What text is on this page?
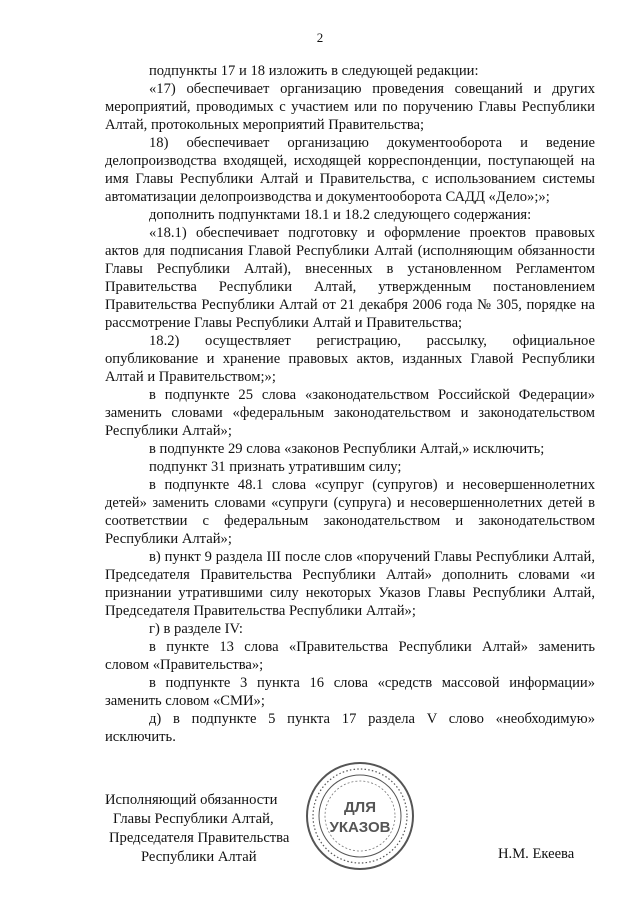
2

подпункты 17 и 18 изложить в следующей редакции:

«17) обеспечивает организацию проведения совещаний и других мероприятий, проводимых с участием или по поручению Главы Республики Алтай, протокольных мероприятий Правительства;

18) обеспечивает организацию документооборота и ведение делопроизводства входящей, исходящей корреспонденции, поступающей на имя Главы Республики Алтай и Правительства, с использованием системы автоматизации делопроизводства и документооборота САДД «Дело»;»;

дополнить подпунктами 18.1 и 18.2 следующего содержания:

«18.1) обеспечивает подготовку и оформление проектов правовых актов для подписания Главой Республики Алтай (исполняющим обязанности Главы Республики Алтай), внесенных в установленном Регламентом Правительства Республики Алтай, утвержденным постановлением Правительства Республики Алтай от 21 декабря 2006 года № 305, порядке на рассмотрение Главы Республики Алтай и Правительства;

18.2) осуществляет регистрацию, рассылку, официальное опубликование и хранение правовых актов, изданных Главой Республики Алтай и Правительством;»;

в подпункте 25 слова «законодательством Российской Федерации» заменить словами «федеральным законодательством и законодательством Республики Алтай»;

в подпункте 29 слова «законов Республики Алтай,» исключить;

подпункт 31 признать утратившим силу;

в подпункте 48.1 слова «супруг (супругов) и несовершеннолетних детей» заменить словами «супруги (супруга) и несовершеннолетних детей в соответствии с федеральным законодательством и законодательством Республики Алтай»;

в) пункт 9 раздела III после слов «поручений Главы Республики Алтай, Председателя Правительства Республики Алтай» дополнить словами «и признании утратившими силу некоторых Указов Главы Республики Алтай, Председателя Правительства Республики Алтай»;

г) в разделе IV:

в пункте 13 слова «Правительства Республики Алтай» заменить словом «Правительства»;

в подпункте 3 пункта 16 слова «средств массовой информации» заменить словом «СМИ»;

д) в подпункте 5 пункта 17 раздела V слово «необходимую» исключить.

Исполняющий обязанности
Главы Республики Алтай,
Председателя Правительства
Республики Алтай	Н.М. Екеева
ДЛЯ
УКАЗОВ
